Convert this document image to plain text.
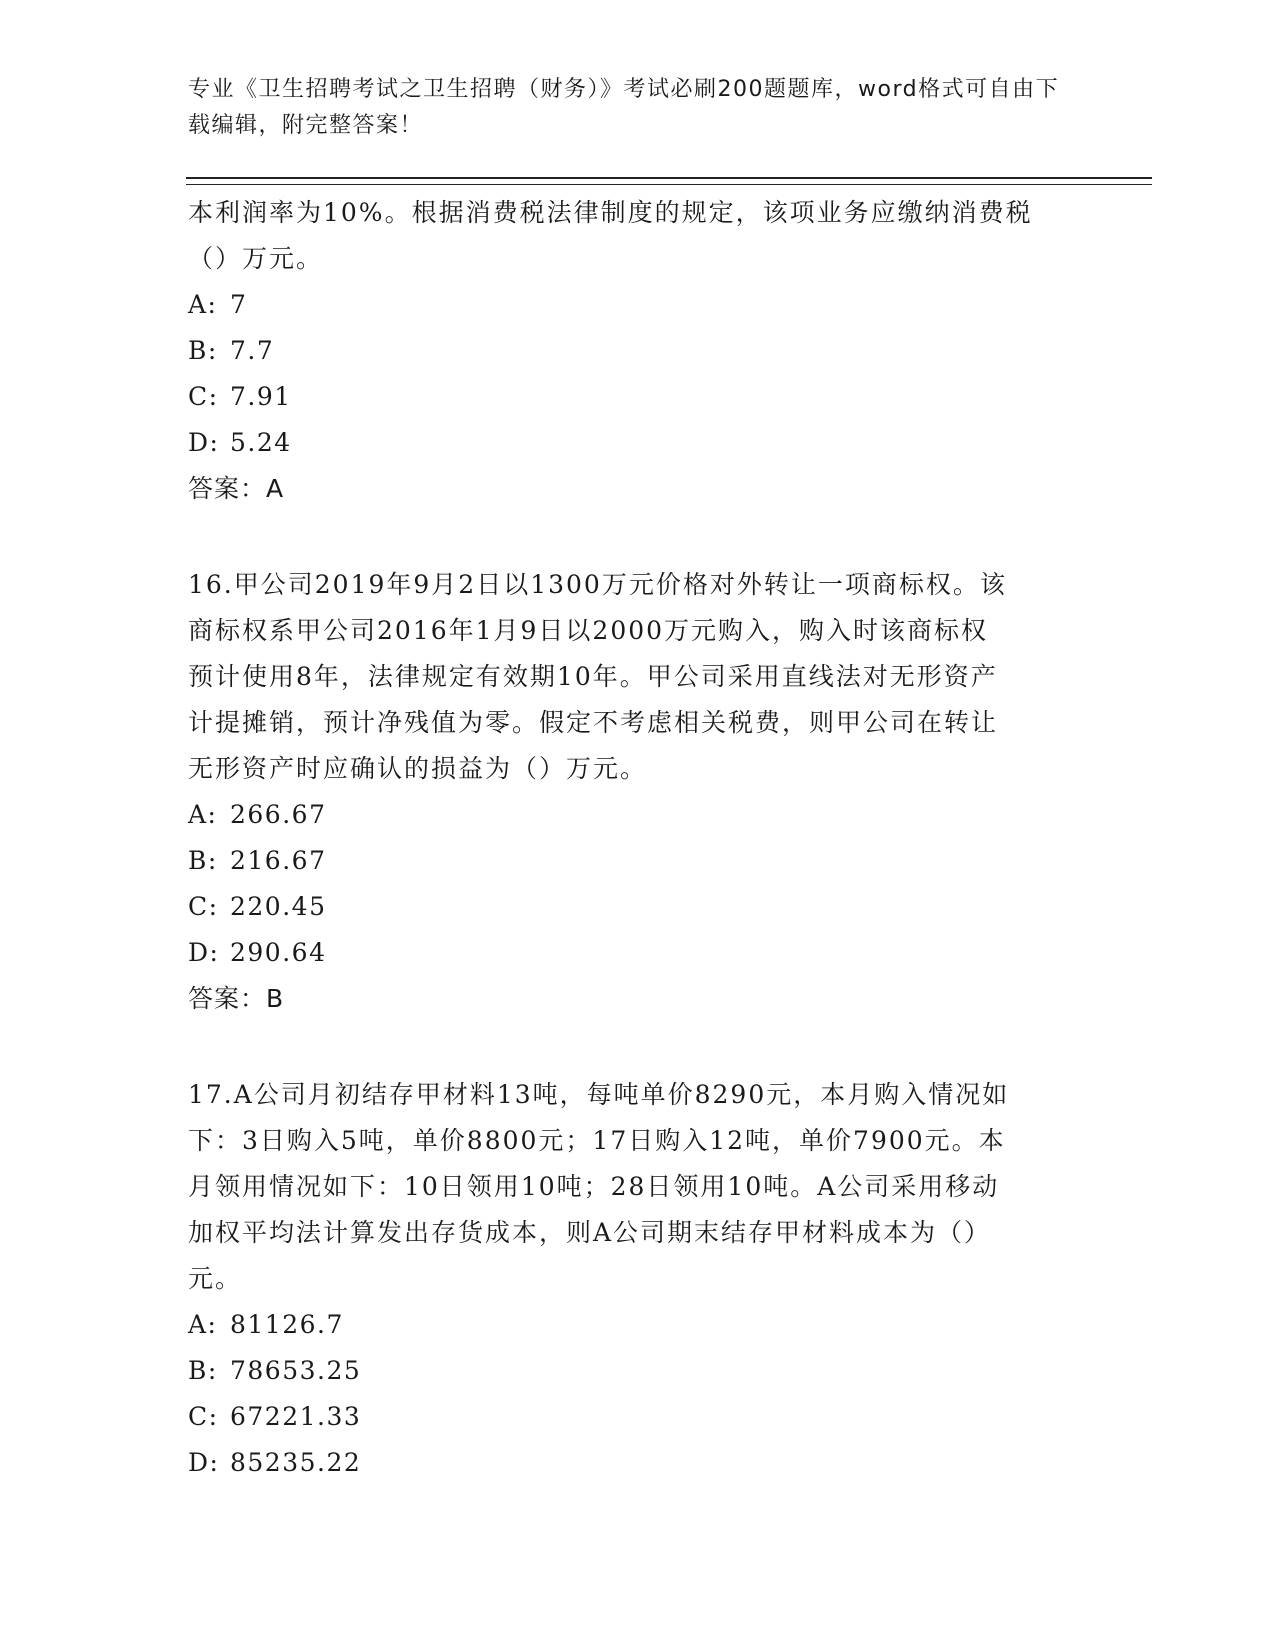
专业《卫生招聘考试之卫生招聘（财务）》考试必刷200题题库，word格式可自由下载编辑，附完整答案！

本利润率为10%。根据消费税法律制度的规定，该项业务应缴纳消费税

（）万元。

A: 7

B: 7.7

C: 7.91

D: 5.24

答案：A

16.甲公司2019年9月2日以1300万元价格对外转让一项商标权。该

商标权系甲公司2016年1月9日以2000万元购入，购入时该商标权

预计使用8年，法律规定有效期10年。甲公司采用直线法对无形资产

计提摊销，预计净残值为零。假定不考虑相关税费，则甲公司在转让

无形资产时应确认的损益为（）万元。

A: 266.67

B: 216.67

C: 220.45

D: 290.64

答案：B

17.A公司月初结存甲材料13吨，每吨单价8290元，本月购入情况如

下：3日购入5吨，单价8800元；17日购入12吨，单价7900元。本

月领用情况如下：10日领用10吨；28日领用10吨。A公司采用移动

加权平均法计算发出存货成本，则A公司期末结存甲材料成本为（）

元。

A: 81126.7

B: 78653.25

C: 67221.33

D: 85235.22
